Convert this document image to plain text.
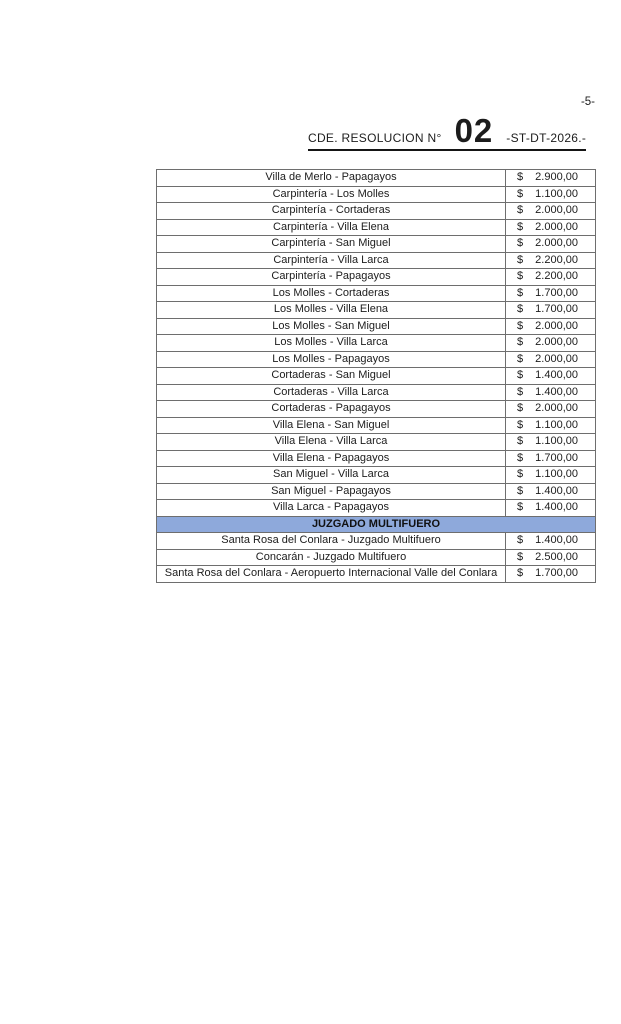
-5-
CDE. RESOLUCION N° 02 -ST-DT-2026.-
Villa de Merlo - Papagayos	$ 2.900,00

Carpintería - Los Molles	$ 1.100,00

Carpintería - Cortaderas	$ 2.000,00

Carpintería - Villa Elena	$ 2.000,00

Carpintería - San Miguel	$ 2.000,00

Carpintería - Villa Larca	$ 2.200,00

Carpintería - Papagayos	$ 2.200,00

Los Molles - Cortaderas	$ 1.700,00

Los Molles - Villa Elena	$ 1.700,00

Los Molles - San Miguel	$ 2.000,00

Los Molles - Villa Larca	$ 2.000,00

Los Molles - Papagayos	$ 2.000,00

Cortaderas - San Miguel	$ 1.400,00

Cortaderas - Villa Larca	$ 1.400,00

Cortaderas - Papagayos	$ 2.000,00

Villa Elena - San Miguel	$ 1.100,00

Villa Elena - Villa Larca	$ 1.100,00

Villa Elena - Papagayos	$ 1.700,00

San Miguel - Villa Larca	$ 1.100,00

San Miguel - Papagayos	$ 1.400,00

Villa Larca - Papagayos	$ 1.400,00

JUZGADO MULTIFUERO	
Santa Rosa del Conlara - Juzgado Multifuero	$ 1.400,00

Concarán - Juzgado Multifuero	$ 2.500,00

Santa Rosa del Conlara - Aeropuerto Internacional Valle del Conlara	$ 1.700,00
